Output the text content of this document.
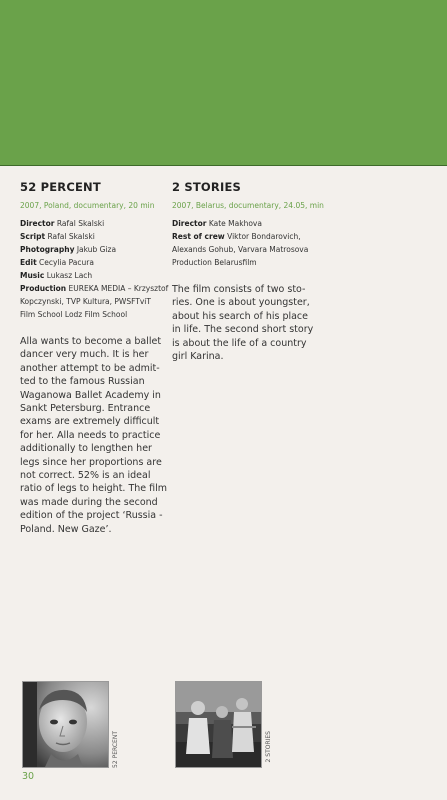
52 PERCENT
2007, Poland, documentary, 20 min
Director Rafal Skalski
Script Rafal Skalski
Photography Jakub Giza
Edit Cecylia Pacura
Music Lukasz Lach
Production EUREKA MEDIA – Krzysztof
Kopczynski, TVP Kultura, PWSFTviT
Film School Lodz Film School

Alla wants to become a ballet
dancer very much. It is her
another attempt to be admit-
ted to the famous Russian
Waganowa Ballet Academy in
Sankt Petersburg. Entrance
exams are extremely difficult
for her. Alla needs to practice
additionally to lengthen her
legs since her proportions are
not correct. 52% is an ideal
ratio of legs to height. The film
was made during the second
edition of the project ‘Russia -
Poland. New Gaze’.

2 STORIES
2007, Belarus, documentary, 24.05, min
Director Kate Makhova
Rest of crew Viktor Bondarovich,
Alexands Gohub, Varvara Matrosova
Production Belarusfilm

The film consists of two sto-
ries. One is about youngster,
about his search of his place
in life. The second short story
is about the life of a country
girl Karina.

52 PERCENT	2 STORIES
30
